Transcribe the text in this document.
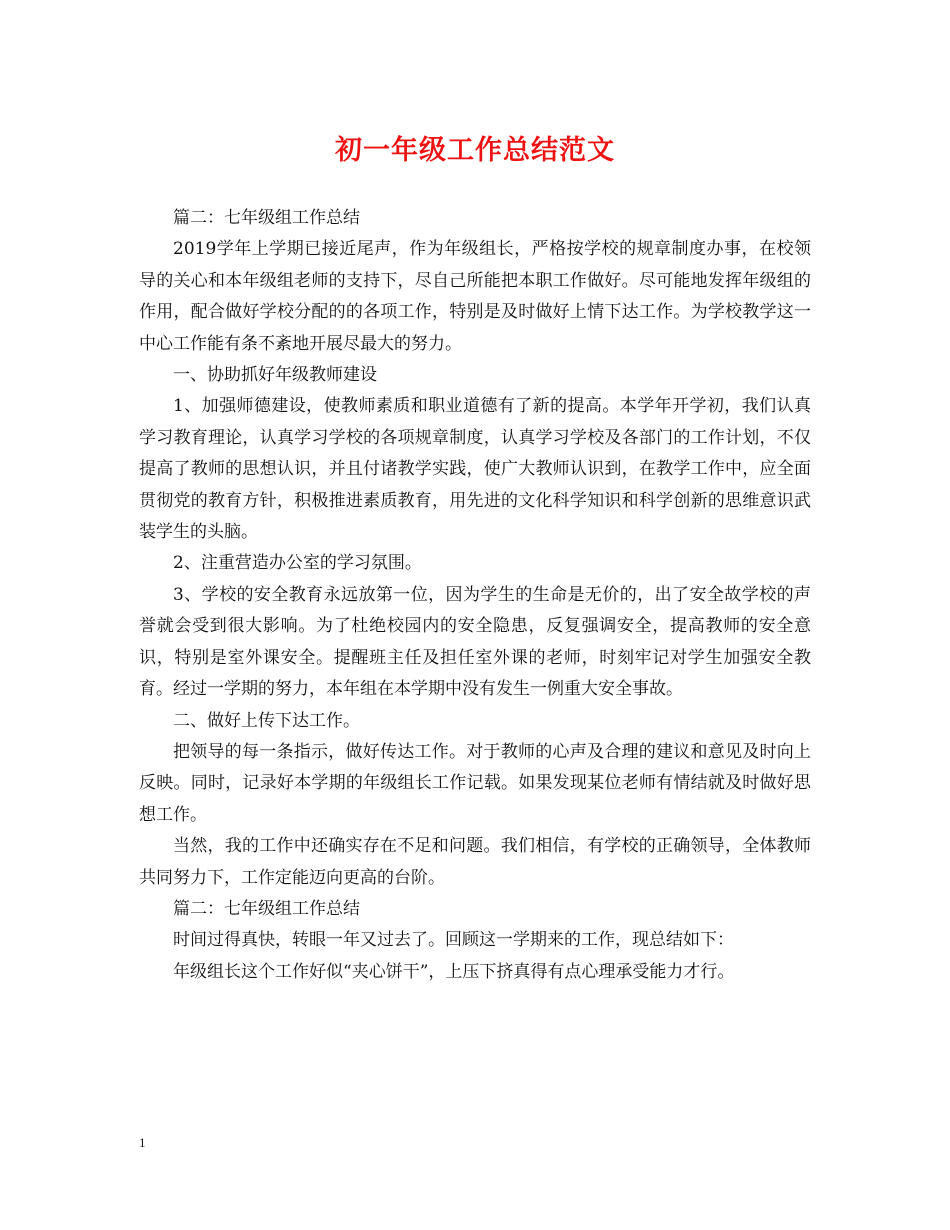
初一年级工作总结范文

篇二：七年级组工作总结

2019学年上学期已接近尾声，作为年级组长，严格按学校的规章制度办事，在校领导的关心和本年级组老师的支持下，尽自己所能把本职工作做好。尽可能地发挥年级组的作用，配合做好学校分配的的各项工作，特别是及时做好上情下达工作。为学校教学这一中心工作能有条不紊地开展尽最大的努力。

一、协助抓好年级教师建设

1、加强师德建设，使教师素质和职业道德有了新的提高。本学年开学初，我们认真学习教育理论，认真学习学校的各项规章制度，认真学习学校及各部门的工作计划，不仅提高了教师的思想认识，并且付诸教学实践，使广大教师认识到，在教学工作中，应全面贯彻党的教育方针，积极推进素质教育，用先进的文化科学知识和科学创新的思维意识武装学生的头脑。

2、注重营造办公室的学习氛围。

3、学校的安全教育永远放第一位，因为学生的生命是无价的，出了安全故学校的声誉就会受到很大影响。为了杜绝校园内的安全隐患，反复强调安全，提高教师的安全意识，特别是室外课安全。提醒班主任及担任室外课的老师，时刻牢记对学生加强安全教育。经过一学期的努力，本年组在本学期中没有发生一例重大安全事故。

二、做好上传下达工作。

把领导的每一条指示，做好传达工作。对于教师的心声及合理的建议和意见及时向上反映。同时，记录好本学期的年级组长工作记载。如果发现某位老师有情结就及时做好思想工作。

当然，我的工作中还确实存在不足和问题。我们相信，有学校的正确领导，全体教师共同努力下，工作定能迈向更高的台阶。

篇二：七年级组工作总结

时间过得真快，转眼一年又过去了。回顾这一学期来的工作，现总结如下：

年级组长这个工作好似“夹心饼干”，上压下挤真得有点心理承受能力才行。

1
